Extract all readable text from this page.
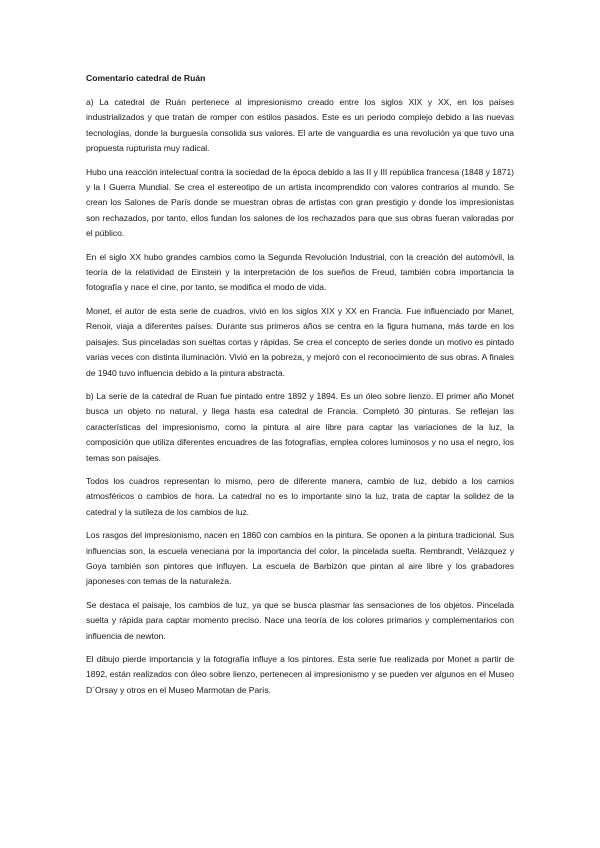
Comentario catedral de Ruán

a) La catedral de Ruán pertenece al impresionismo creado entre los siglos XIX y XX, en los países industrializados y que tratan de romper con estilos pasados. Este es un periodo complejo debido a las nuevas tecnologías, donde la burguesía consolida sus valores. El arte de vanguardia es una revolución ya que tuvo una propuesta rupturista muy radical.

Hubo una reacción intelectual contra la sociedad de la época debido a las II y III república francesa (1848 y 1871) y la I Guerra Mundial. Se crea el estereotipo de un artista incomprendido con valores contrarios al mundo. Se crean los Salones de París donde se muestran obras de artistas con gran prestigio y donde los impresionistas son rechazados, por tanto, ellos fundan los salones de los rechazados para que sus obras fueran valoradas por el público.

En el siglo XX hubo grandes cambios como la Segunda Revolución Industrial, con la creación del automóvil, la teoría de la relatividad de Einstein y la interpretación de los sueños de Freud, también cobra importancia la fotografía y nace el cine, por tanto, se modifica el modo de vida.

Monet, el autor de esta serie de cuadros, vivió en los siglos XIX y XX en Francia. Fue influenciado por Manet, Renoir, viaja a diferentes países. Durante sus primeros años se centra en la figura humana, más tarde en los paisajes. Sus pinceladas son sueltas cortas y rápidas. Se crea el concepto de series donde un motivo es pintado varias veces con distinta iluminación. Vivió en la pobreza, y mejoró con el reconocimiento de sus obras. A finales de 1940 tuvo influencia debido a la pintura abstracta.

b) La serie de la catedral de Ruan fue pintado entre 1892 y 1894. Es un óleo sobre lienzo. El primer año Monet busca un objeto no natural, y llega hasta esa catedral de Francia. Completó 30 pinturas. Se reflejan las características del impresionismo, como la pintura al aire libre para captar las variaciones de la luz, la composición que utiliza diferentes encuadres de las fotografías, emplea colores luminosos y no usa el negro, los temas son paisajes.

Todos los cuadros representan lo mismo, pero de diferente manera, cambio de luz, debido a los camios atmosféricos o cambios de hora. La catedral no es lo importante sino la luz, trata de captar la solidez de la catedral y la sutileza de los cambios de luz.

Los rasgos del impresionismo, nacen en 1860 con cambios en la pintura. Se oponen a la pintura tradicional. Sus influencias son, la escuela veneciana por la importancia del color, la pincelada suelta. Rembrandt, Velázquez y Goya también son pintores que influyen. La escuela de Barbizón que pintan al aire libre y los grabadores japoneses con temas de la naturaleza.

Se destaca el paisaje, los cambios de luz, ya que se busca plasmar las sensaciones de los objetos. Pincelada suelta y rápida para captar momento preciso. Nace una teoría de los colores primarios y complementarios con influencia de newton.

El dibujo pierde importancia y la fotografía influye a los pintores. Esta serie fue realizada por Monet a partir de 1892, están realizados con óleo sobre lienzo, pertenecen al impresionismo y se pueden ver algunos en el Museo D´Orsay y otros en el Museo Marmotan de París.
